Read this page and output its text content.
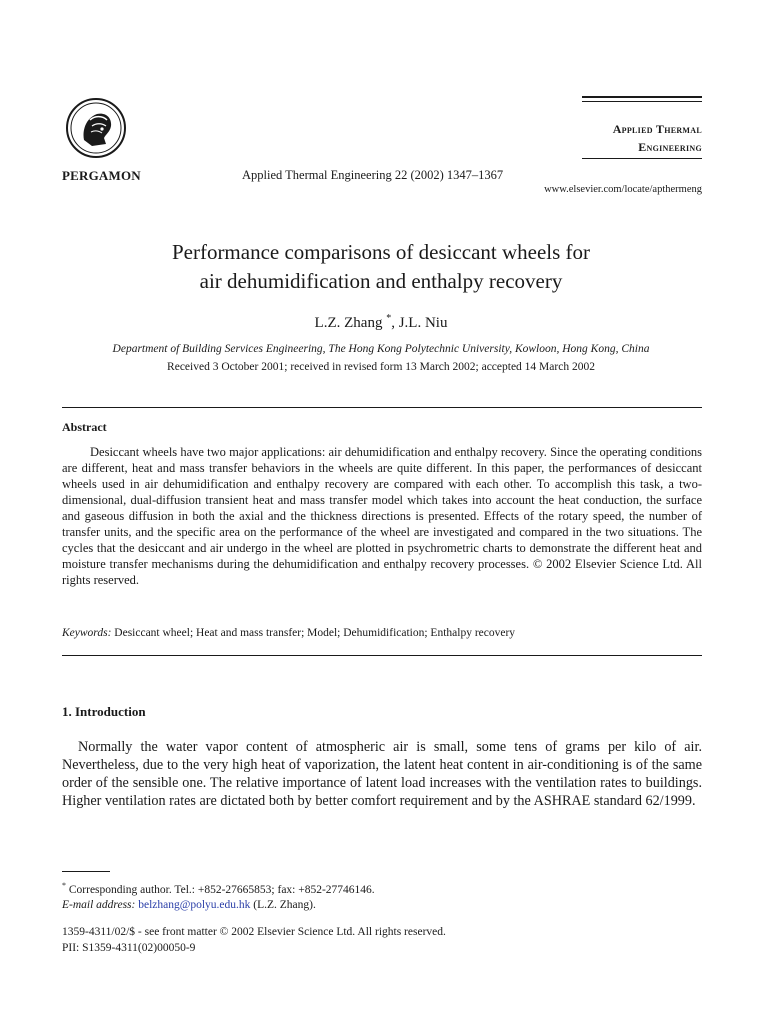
PERGAMON	Applied Thermal Engineering 22 (2002) 1347–1367
Applied Thermal
Engineering
www.elsevier.com/locate/apthermeng
Performance comparisons of desiccant wheels for
air dehumidification and enthalpy recovery
L.Z. Zhang *, J.L. Niu
Department of Building Services Engineering, The Hong Kong Polytechnic University, Kowloon, Hong Kong, China
Received 3 October 2001; received in revised form 13 March 2002; accepted 14 March 2002
Abstract
Desiccant wheels have two major applications: air dehumidification and enthalpy recovery. Since the operating conditions are different, heat and mass transfer behaviors in the wheels are quite different. In this paper, the performances of desiccant wheels used in air dehumidification and enthalpy recovery are compared with each other. To accomplish this task, a two-dimensional, dual-diffusion transient heat and mass transfer model which takes into account the heat conduction, the surface and gaseous diffusion in both the axial and the thickness directions is presented. Effects of the rotary speed, the number of transfer units, and the specific area on the performance of the wheel are investigated and compared in the two situations. The cycles that the desiccant and air undergo in the wheel are plotted in psychrometric charts to demonstrate the different heat and moisture transfer mechanisms during the dehumidification and enthalpy recovery processes. © 2002 Elsevier Science Ltd. All rights reserved.
Keywords: Desiccant wheel; Heat and mass transfer; Model; Dehumidification; Enthalpy recovery
1. Introduction
Normally the water vapor content of atmospheric air is small, some tens of grams per kilo of air. Nevertheless, due to the very high heat of vaporization, the latent heat content in air-conditioning is of the same order of the sensible one. The relative importance of latent load increases with the ventilation rates to buildings. Higher ventilation rates are dictated both by better comfort requirement and by the ASHRAE standard 62/1999.
* Corresponding author. Tel.: +852-27665853; fax: +852-27746146.
E-mail address: belzhang@polyu.edu.hk (L.Z. Zhang).
1359-4311/02/$ - see front matter © 2002 Elsevier Science Ltd. All rights reserved.
PII: S1359-4311(02)00050-9
